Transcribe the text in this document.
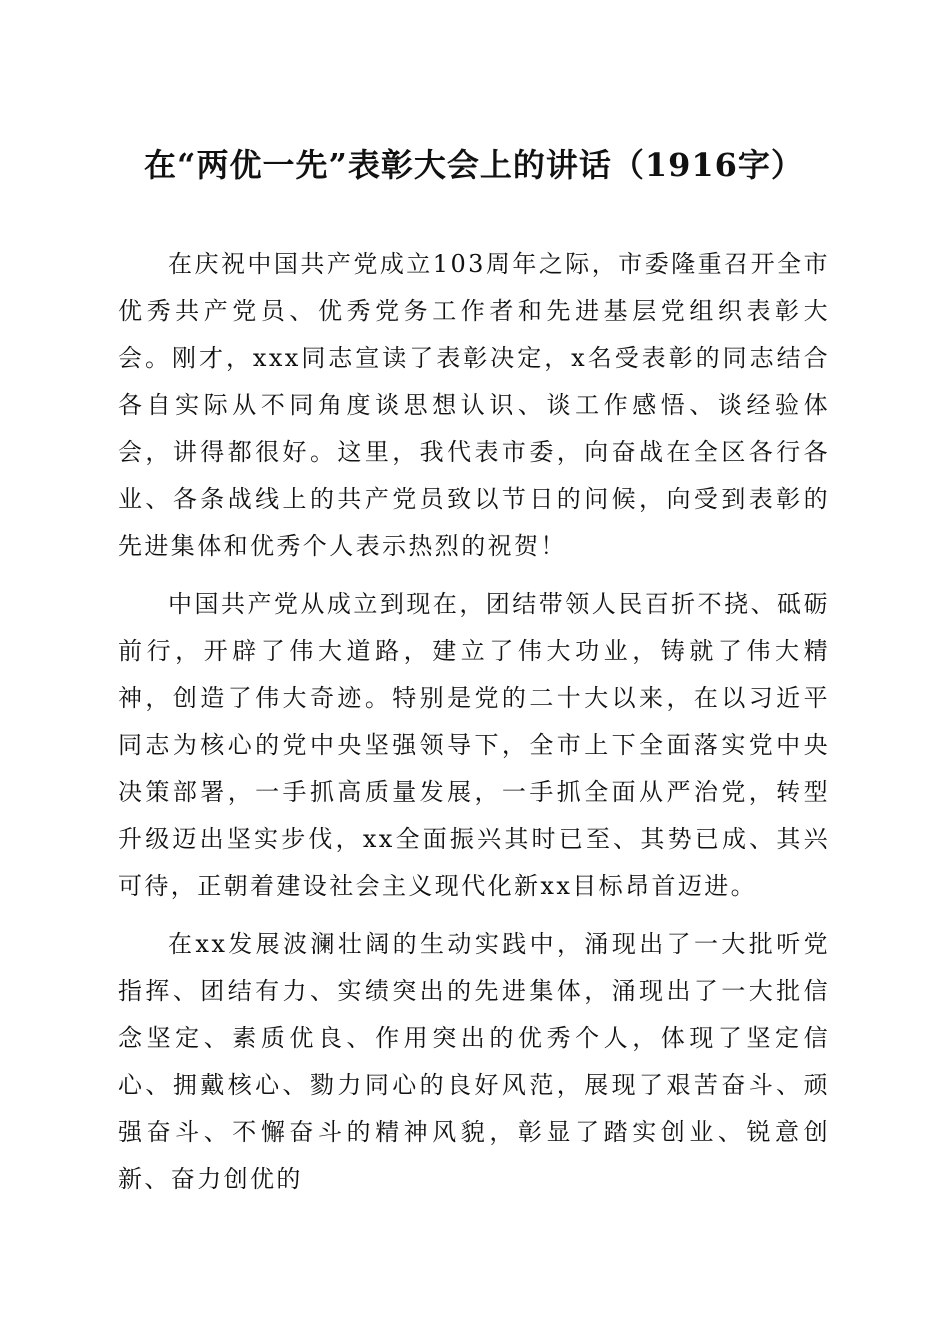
在“两优一先”表彰大会上的讲话（1916字）

在庆祝中国共产党成立103周年之际，市委隆重召开全市优秀共产党员、优秀党务工作者和先进基层党组织表彰大会。刚才，xxx同志宣读了表彰决定，x名受表彰的同志结合各自实际从不同角度谈思想认识、谈工作感悟、谈经验体会，讲得都很好。这里，我代表市委，向奋战在全区各行各业、各条战线上的共产党员致以节日的问候，向受到表彰的先进集体和优秀个人表示热烈的祝贺！

中国共产党从成立到现在，团结带领人民百折不挠、砥砺前行，开辟了伟大道路，建立了伟大功业，铸就了伟大精神，创造了伟大奇迹。特别是党的二十大以来，在以习近平同志为核心的党中央坚强领导下，全市上下全面落实党中央决策部署，一手抓高质量发展，一手抓全面从严治党，转型升级迈出坚实步伐，xx全面振兴其时已至、其势已成、其兴可待，正朝着建设社会主义现代化新xx目标昂首迈进。

在xx发展波澜壮阔的生动实践中，涌现出了一大批听党指挥、团结有力、实绩突出的先进集体，涌现出了一大批信念坚定、素质优良、作用突出的优秀个人，体现了坚定信心、拥戴核心、勠力同心的良好风范，展现了艰苦奋斗、顽强奋斗、不懈奋斗的精神风貌，彰显了踏实创业、锐意创新、奋力创优的
